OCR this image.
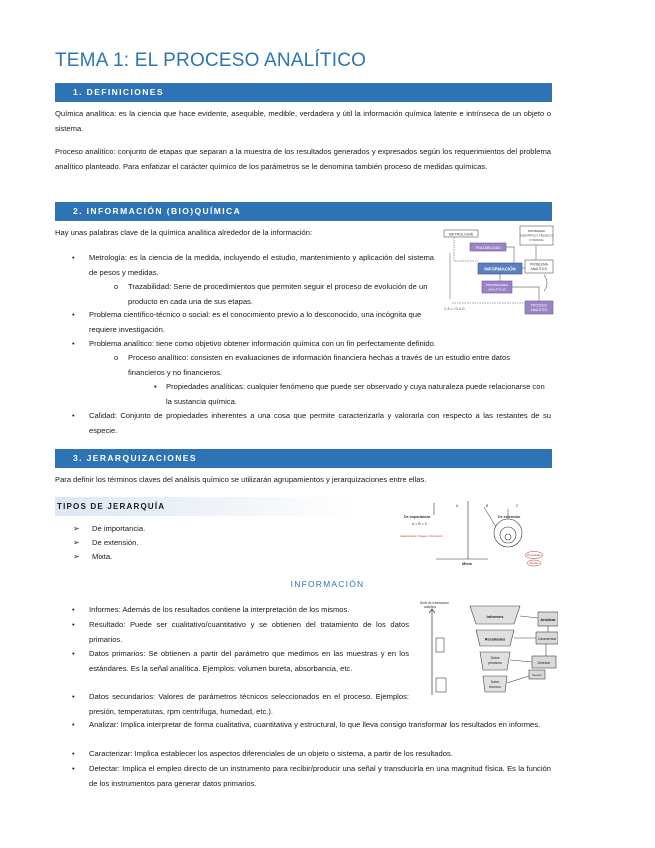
TEMA 1: EL PROCESO ANALÍTICO
1. DEFINICIONES
Química analítica: es la ciencia que hace evidente, asequible, medible, verdadera y útil la información química latente e intrínseca de un objeto o sistema.
Proceso analítico: conjunto de etapas que separan a la muestra de los resultados generados y expresados según los requerimientos del problema analítico planteado. Para enfatizar el carácter químico de los parámetros se le denomina también proceso de medidas químicas.
2. INFORMACIÓN (BIO)QUÍMICA
Hay unas palabras clave de la química analítica alrededor de la información:
• Metrología: es la ciencia de la medida, incluyendo el estudio, mantenimiento y aplicación del sistema de pesos y medidas.
o Trazabilidad: Serie de procedimientos que permiten seguir el proceso de evolución de un producto en cada una de sus etapas.
• Problema científico-técnico o social: es el conocimiento previo a lo desconocido, una incógnita que requiere investigación.
• Problema analítico: tiene como objetivo obtener información química con un fin perfectamente definido.
o Proceso analítico: consisten en evaluaciones de información financiera hechas a través de un estudio entre datos financieros y no financieros.
▪ Propiedades analíticas: cualquier fenómeno que puede ser observado y cuya naturaleza puede relacionarse con la sustancia química.
• Calidad: Conjunto de propiedades inherentes a una cosa que permite caracterizarla y valorarla con respecto a las restantes de su especie.
METROLOGÍA
TRAZABILIDAD
PROBLEMA
CIENTÍFICO-TÉCNICO
O SOCIAL
INFORMACIÓN
PROBLEMA
ANALÍTICO
PROPIEDADES
ANALÍTICAS
PROCESO
ANALÍTICO
C A L I D A D
3. JERARQUIZACIONES
Para definir los términos claves del análisis químico se utilizarán agrupamientos y jerarquizaciones entre ellas.
TIPOS DE JERARQUÍA
➢ De importancia.
➢ De extensión.
➢ Mixta.
A	B	C
De importancia
A > B > C
Característica / Imagen / Información
De extensión
Mixta
Propiedades
Muestra
INFORMACIÓN
• Informes: Además de los resultados contiene la interpretación de los mismos.
• Resultado: Puede ser cualitativo/cuantitativo y se obtienen del tratamiento de los datos primarios.
• Datos primarios: Se obtienen a partir del parámetro que medimos en las muestras y en los estándares. Es la señal analítica. Ejemplos: volumen bureta, absorbancia, etc.
• Datos secundarios: Valores de parámetros técnicos seleccionados en el proceso. Ejemplos: presión, temperaturas, rpm centrífuga, humedad, etc.).
• Analizar: Implica interpretar de forma cualitativa, cuantitativa y estructural, lo que lleva consigo transformar los resultados en informes.
• Caracterizar: Implica establecer los aspectos diferenciales de un objeto o sistema, a partir de los resultados.
• Detectar: Implica el empleo directo de un instrumento para recibir/producir una señal y transducirla en una magnitud física. Es la función de los instrumentos para generar datos primarios.
Nivel de información
analítica
Informes
Resultados
Datos
primarios
Datos
técnicos
Analizar
Caracterizar
Detectar
Sensor
